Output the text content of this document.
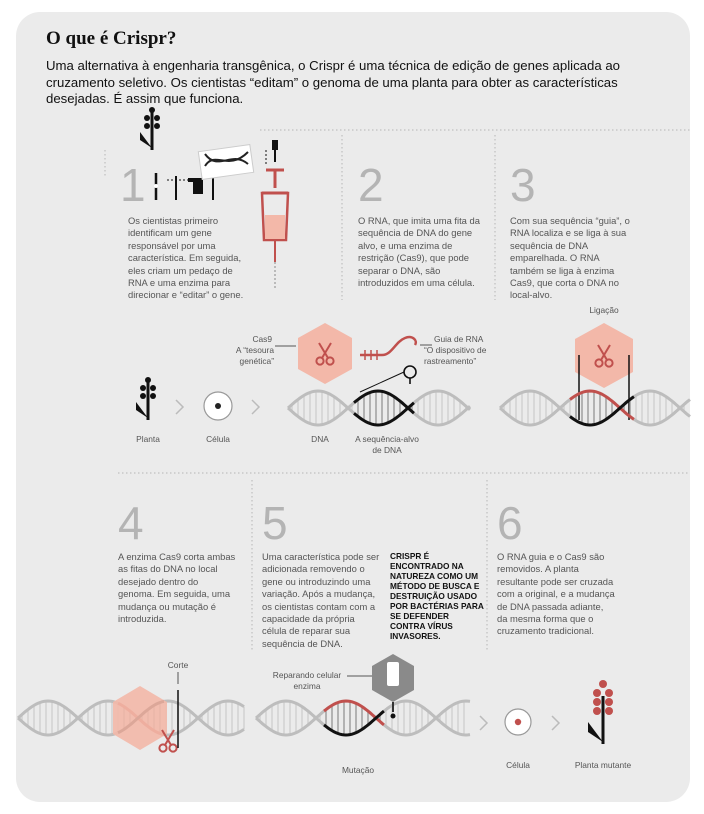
O que é Crispr?

Uma alternativa à engenharia transgênica, o Crispr é uma técnica de edição de genes aplicada ao cruzamento seletivo. Os cientistas “editam” o genoma de uma planta para obter as características desejadas. É assim que funciona.

1	2	3
4	5	6

Os cientistas primeiro identificam um gene responsável por uma característica. Em seguida, eles criam um pedaço de RNA e uma enzima para direcionar e “editar” o gene.

O RNA, que imita uma fita da sequência de DNA do gene alvo, e uma enzima de restrição (Cas9), que pode separar o DNA, são introduzidos em uma célula.

Com sua sequência “guia”, o RNA localiza e se liga à sua sequência de DNA emparelhada. O RNA também se liga à enzima Cas9, que corta o DNA no local-alvo.

A enzima Cas9 corta ambas as fitas do DNA no local desejado dentro do genoma. Em seguida, uma mudança ou mutação é introduzida.

Uma característica pode ser adicionada removendo o gene ou introduzindo uma variação. Após a mudança, os cientistas contam com a capacidade da própria célula de reparar sua sequência de DNA.

O RNA guia e o Cas9 são removidos. A planta resultante pode ser cruzada com a original, e a mudança de DNA passada adiante, da mesma forma que o cruzamento tradicional.

CRISPR É ENCONTRADO NA NATUREZA COMO UM MÉTODO DE BUSCA E DESTRUIÇÃO USADO POR BACTÉRIAS PARA SE DEFENDER CONTRA VÍRUS INVASORES.
Cas9
A “tesoura genética”
Guia de RNA
“O dispositivo de rastreamento”
Planta	Célula	DNA	A sequência-alvo de DNA
Ligação
Corte
Reparando celular enzima
Mutação	Célula	Planta mutante
